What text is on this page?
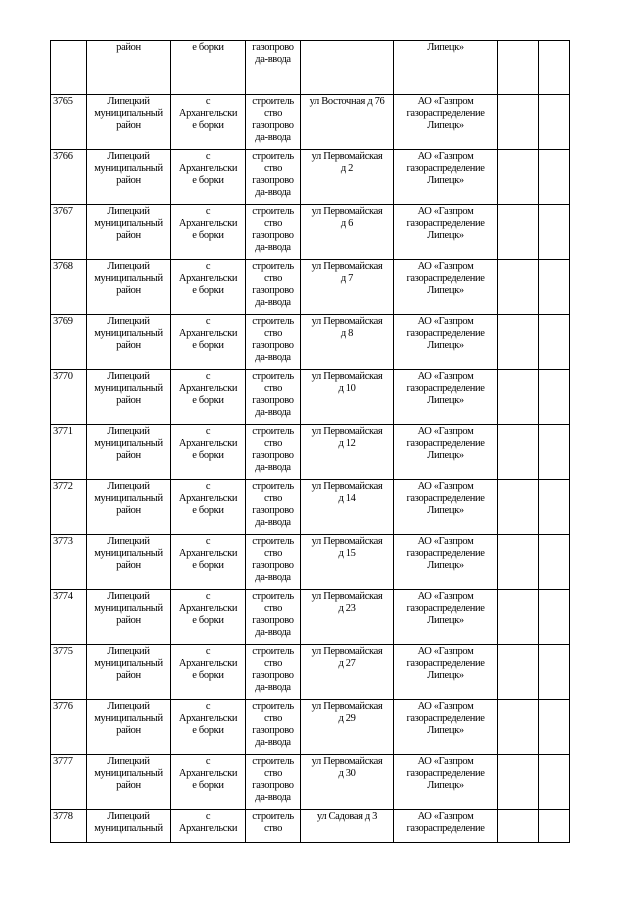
	район	е борки	газопрово
да-ввода		Липецк»		

3765	Липецкий
муниципальный
район	с
Архангельски
е борки	строитель
ство
газопрово
да-ввода	ул Восточная д 76	АО «Газпром
газораспределение
Липецк»		

3766	Липецкий
муниципальный
район	с
Архангельски
е борки	строитель
ство
газопрово
да-ввода	ул Первомайская
д 2	АО «Газпром
газораспределение
Липецк»		

3767	Липецкий
муниципальный
район	с
Архангельски
е борки	строитель
ство
газопрово
да-ввода	ул Первомайская
д 6	АО «Газпром
газораспределение
Липецк»		

3768	Липецкий
муниципальный
район	с
Архангельски
е борки	строитель
ство
газопрово
да-ввода	ул Первомайская
д 7	АО «Газпром
газораспределение
Липецк»		

3769	Липецкий
муниципальный
район	с
Архангельски
е борки	строитель
ство
газопрово
да-ввода	ул Первомайская
д 8	АО «Газпром
газораспределение
Липецк»		

3770	Липецкий
муниципальный
район	с
Архангельски
е борки	строитель
ство
газопрово
да-ввода	ул Первомайская
д 10	АО «Газпром
газораспределение
Липецк»		

3771	Липецкий
муниципальный
район	с
Архангельски
е борки	строитель
ство
газопрово
да-ввода	ул Первомайская
д 12	АО «Газпром
газораспределение
Липецк»		

3772	Липецкий
муниципальный
район	с
Архангельски
е борки	строитель
ство
газопрово
да-ввода	ул Первомайская
д 14	АО «Газпром
газораспределение
Липецк»		

3773	Липецкий
муниципальный
район	с
Архангельски
е борки	строитель
ство
газопрово
да-ввода	ул Первомайская
д 15	АО «Газпром
газораспределение
Липецк»		

3774	Липецкий
муниципальный
район	с
Архангельски
е борки	строитель
ство
газопрово
да-ввода	ул Первомайская
д 23	АО «Газпром
газораспределение
Липецк»		

3775	Липецкий
муниципальный
район	с
Архангельски
е борки	строитель
ство
газопрово
да-ввода	ул Первомайская
д 27	АО «Газпром
газораспределение
Липецк»		

3776	Липецкий
муниципальный
район	с
Архангельски
е борки	строитель
ство
газопрово
да-ввода	ул Первомайская
д 29	АО «Газпром
газораспределение
Липецк»		

3777	Липецкий
муниципальный
район	с
Архангельски
е борки	строитель
ство
газопрово
да-ввода	ул Первомайская
д 30	АО «Газпром
газораспределение
Липецк»		

3778	Липецкий
муниципальный	с
Архангельски	строитель
ство	ул Садовая д 3	АО «Газпром
газораспределение		
